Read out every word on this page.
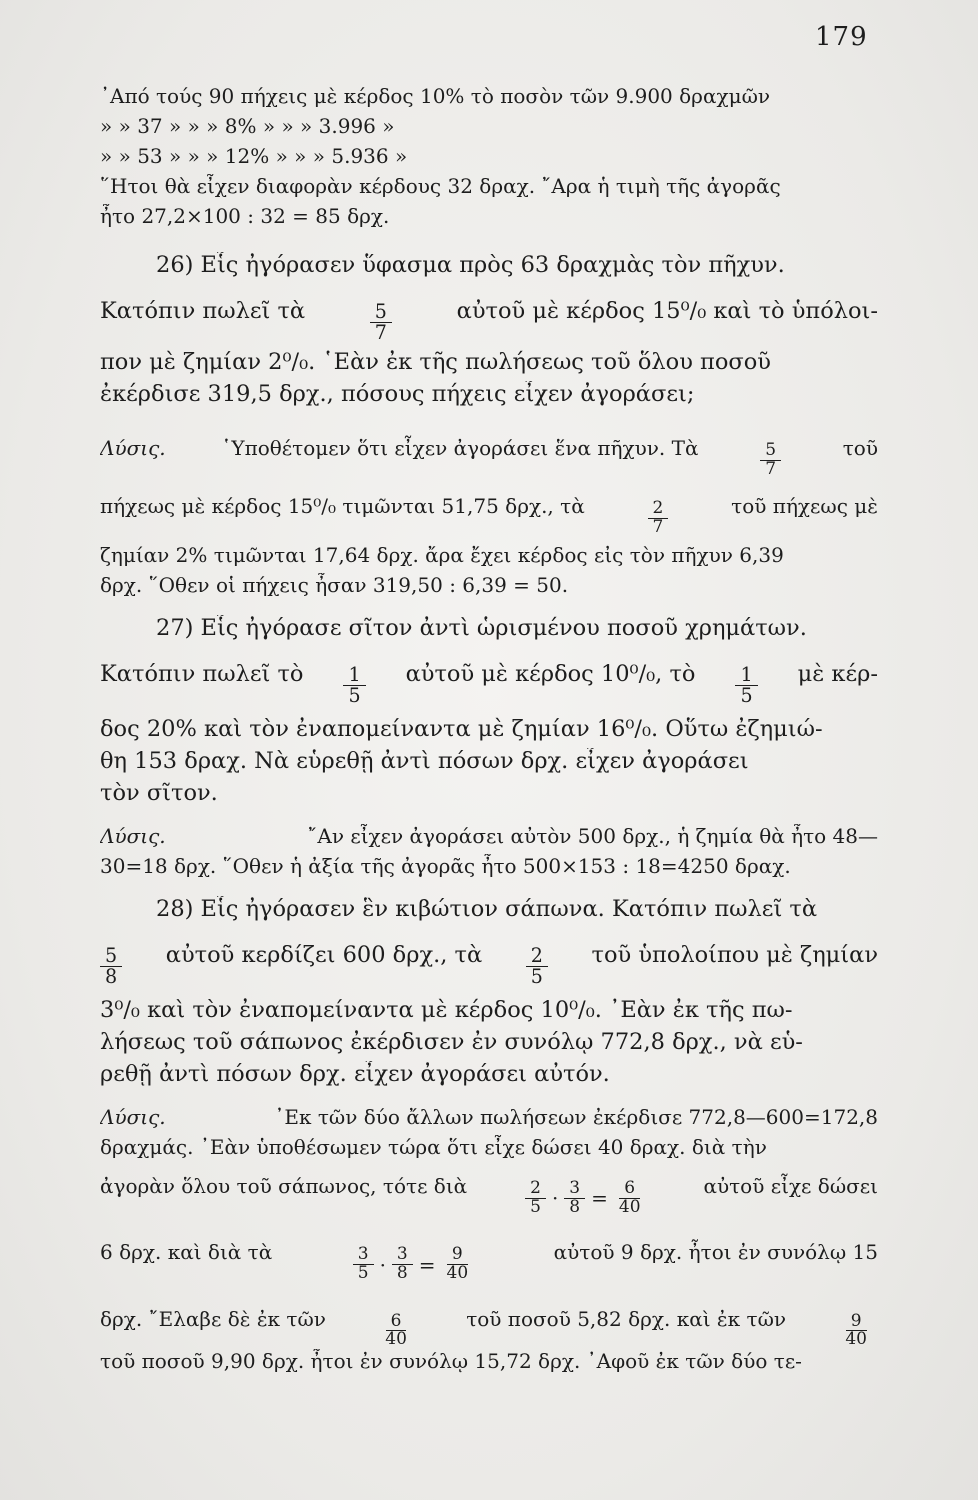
179
᾽Από τούς 90 πήχεις μὲ κέρδος 10% τὸ ποσὸν τῶν 9.900 δραχμῶν
» » 37 » » » 8% » » » 3.996 »
» » 53 » » » 12% » » » 5.936 »
῞Ητοι θὰ εἶχεν διαφορὰν κέρδους 32 δραχ. ῎Αρα ἡ τιμὴ τῆς ἀγορᾶς
ἦτο 27,2×100 : 32 = 85 δρχ.
26) Εἷς ἠγόρασεν ὕφασμα πρὸς 63 δραχμὰς τὸν πῆχυν.
Κατόπιν πωλεῖ τὰ	$\frac{5}{7}$	αὐτοῦ μὲ κέρδος 15⁰/₀ καὶ τὸ ὑπόλοι-
πον μὲ ζημίαν 2⁰/₀. ῾Εὰν ἐκ τῆς πωλήσεως τοῦ ὅλου ποσοῦ
ἐκέρδισε 319,5 δρχ., πόσους πήχεις εἶχεν ἀγοράσει;
Λύσις.	῾Υποθέτομεν ὅτι εἶχεν ἀγοράσει ἕνα πῆχυν. Τὰ	$\frac{5}{7}$	τοῦ
πήχεως μὲ κέρδος 15⁰/₀ τιμῶνται 51,75 δρχ., τὰ	$\frac{2}{7}$	τοῦ πήχεως μὲ
ζημίαν 2% τιμῶνται 17,64 δρχ. ἄρα ἔχει κέρδος εἰς τὸν πῆχυν 6,39
δρχ. ῞Οθεν οἱ πήχεις ἦσαν 319,50 : 6,39 = 50.
27) Εἷς ἠγόρασε σῖτον ἀντὶ ὡρισμένου ποσοῦ χρημάτων.
Κατόπιν πωλεῖ τὸ $\frac{1}{5}$ αὐτοῦ μὲ κέρδος 10⁰/₀, τὸ $\frac{1}{5}$ μὲ κέρ-
δος 20% καὶ τὸν ἐναπομείναντα μὲ ζημίαν 16⁰/₀. Οὕτω ἐζημιώ-
θη 153 δραχ. Νὰ εὑρεθῇ ἀντὶ πόσων δρχ. εἶχεν ἀγοράσει
τὸν σῖτον.
Λύσις.	῎Αν εἶχεν ἀγοράσει αὐτὸν 500 δρχ., ἡ ζημία θὰ ἦτο 48—
30=18 δρχ. ῞Οθεν ἡ ἀξία τῆς ἀγορᾶς ἦτο 500×153 : 18=4250 δραχ.
28) Εἷς ἠγόρασεν ἓν κιβώτιον σάπωνα. Κατόπιν πωλεῖ τὰ
$\frac{5}{8}$ αὐτοῦ κερδίζει 600 δρχ., τὰ $\frac{2}{5}$ τοῦ ὑπολοίπου μὲ ζημίαν
3⁰/₀ καὶ τὸν ἐναπομείναντα μὲ κέρδος 10⁰/₀. ᾽Εὰν ἐκ τῆς πω-
λήσεως τοῦ σάπωνος ἐκέρδισεν ἐν συνόλῳ 772,8 δρχ., νὰ εὑ-
ρεθῇ ἀντὶ πόσων δρχ. εἶχεν ἀγοράσει αὐτόν.
Λύσις.	᾽Εκ τῶν δύο ἄλλων πωλήσεων ἐκέρδισε 772,8—600=172,8
δραχμάς. ᾽Εὰν ὑποθέσωμεν τώρα ὅτι εἶχε δώσει 40 δραχ. διὰ τὴν
ἀγορὰν ὅλου τοῦ σάπωνος, τότε διὰ	$\frac{2}{5} \cdot \frac{3}{8} = \frac{6}{40}$	αὐτοῦ εἶχε δώσει
6 δρχ. καὶ διὰ τὰ	$\frac{3}{5} \cdot \frac{3}{8} = \frac{9}{40}$	αὐτοῦ 9 δρχ. ἦτοι ἐν συνόλῳ 15
δρχ. ῎Ελαβε δὲ ἐκ τῶν	$\frac{6}{40}$	τοῦ ποσοῦ 5,82 δρχ. καὶ ἐκ τῶν	$\frac{9}{40}$
τοῦ ποσοῦ 9,90 δρχ. ἦτοι ἐν συνόλῳ 15,72 δρχ. ᾽Αφοῦ ἐκ τῶν δύο τε-
